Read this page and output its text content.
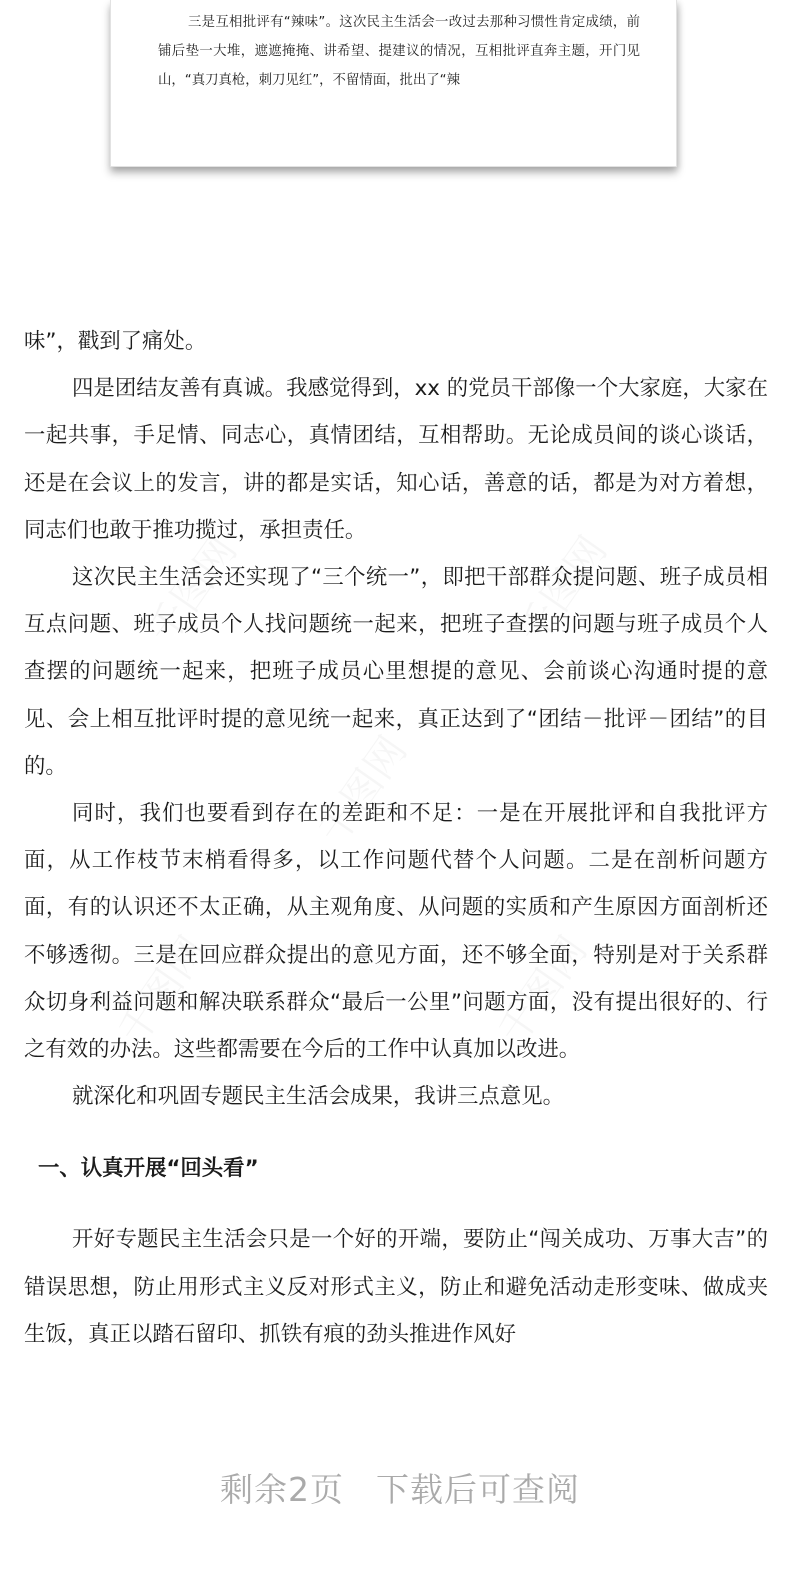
三是互相批评有“辣味”。这次民主生活会一改过去那种习惯性肯定成绩，前铺后垫一大堆，遮遮掩掩、讲希望、提建议的情况，互相批评直奔主题，开门见山，“真刀真枪，刺刀见红”，不留情面，批出了“辣

味”，戳到了痛处。

四是团结友善有真诚。我感觉得到，xx 的党员干部像一个大家庭，大家在一起共事，手足情、同志心，真情团结，互相帮助。无论成员间的谈心谈话，还是在会议上的发言，讲的都是实话，知心话，善意的话，都是为对方着想，同志们也敢于推功揽过，承担责任。

这次民主生活会还实现了“三个统一”，即把干部群众提问题、班子成员相互点问题、班子成员个人找问题统一起来，把班子查摆的问题与班子成员个人查摆的问题统一起来，把班子成员心里想提的意见、会前谈心沟通时提的意见、会上相互批评时提的意见统一起来，真正达到了“团结－批评－团结”的目的。

同时，我们也要看到存在的差距和不足：一是在开展批评和自我批评方面，从工作枝节末梢看得多，以工作问题代替个人问题。二是在剖析问题方面，有的认识还不太正确，从主观角度、从问题的实质和产生原因方面剖析还不够透彻。三是在回应群众提出的意见方面，还不够全面，特别是对于关系群众切身利益问题和解决联系群众“最后一公里”问题方面，没有提出很好的、行之有效的办法。这些都需要在今后的工作中认真加以改进。

就深化和巩固专题民主生活会成果，我讲三点意见。

一、认真开展“回头看”

开好专题民主生活会只是一个好的开端，要防止“闯关成功、万事大吉”的错误思想，防止用形式主义反对形式主义，防止和避免活动走形变味、做成夹生饭，真正以踏石留印、抓铁有痕的劲头推进作风好

剩余2页 下载后可查阅
